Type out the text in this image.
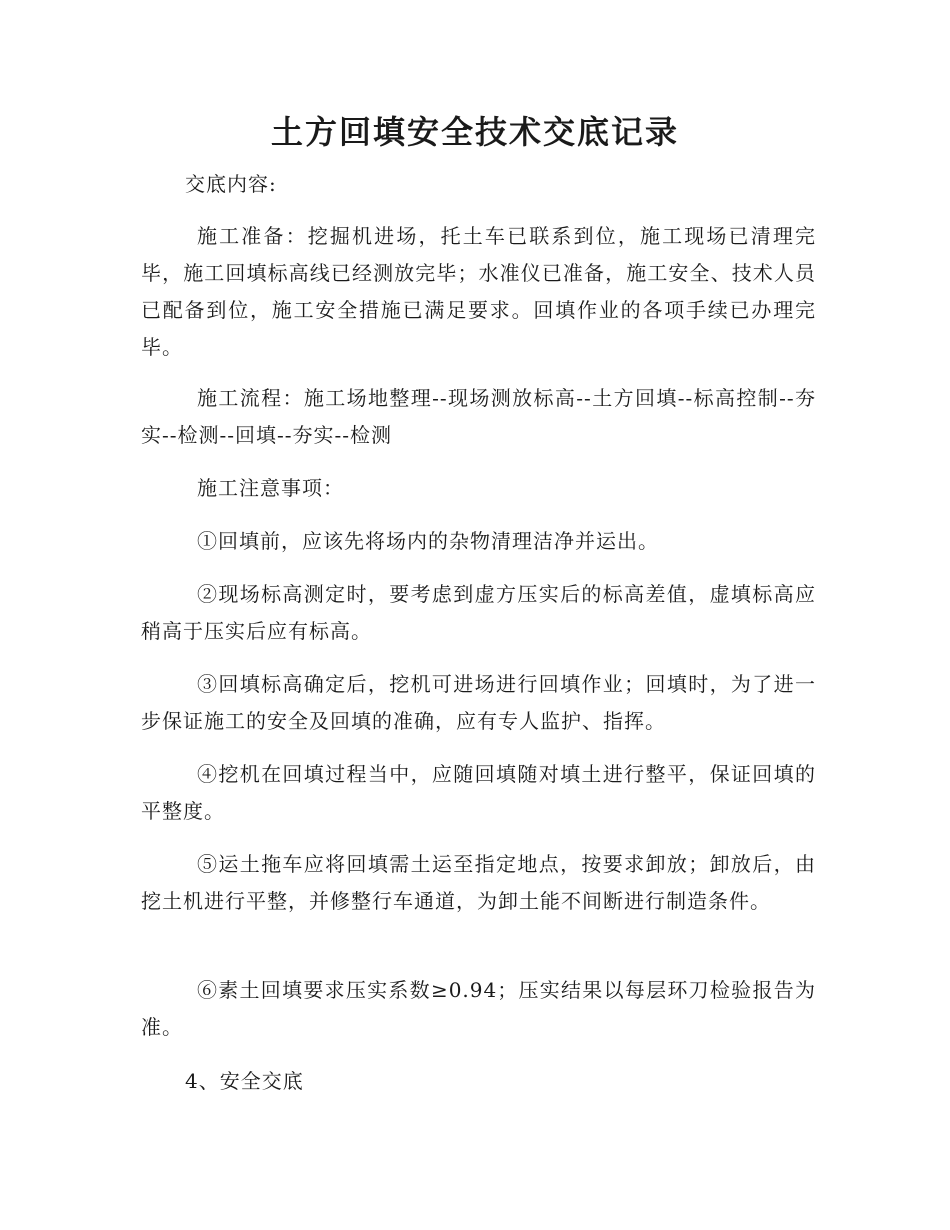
土方回填安全技术交底记录

交底内容:

施工准备：挖掘机进场，托土车已联系到位，施工现场已清理完毕，施工回填标高线已经测放完毕；水准仪已准备，施工安全、技术人员已配备到位，施工安全措施已满足要求。回填作业的各项手续已办理完毕。

施工流程：施工场地整理--现场测放标高--土方回填--标高控制--夯实--检测--回填--夯实--检测

施工注意事项：

①回填前，应该先将场内的杂物清理洁净并运出。

②现场标高测定时，要考虑到虚方压实后的标高差值，虚填标高应稍高于压实后应有标高。

③回填标高确定后，挖机可进场进行回填作业；回填时，为了进一步保证施工的安全及回填的准确，应有专人监护、指挥。

④挖机在回填过程当中，应随回填随对填土进行整平，保证回填的平整度。

⑤运土拖车应将回填需土运至指定地点，按要求卸放；卸放后，由挖土机进行平整，并修整行车通道，为卸土能不间断进行制造条件。

⑥素土回填要求压实系数≥0.94；压实结果以每层环刀检验报告为准。

4、安全交底
